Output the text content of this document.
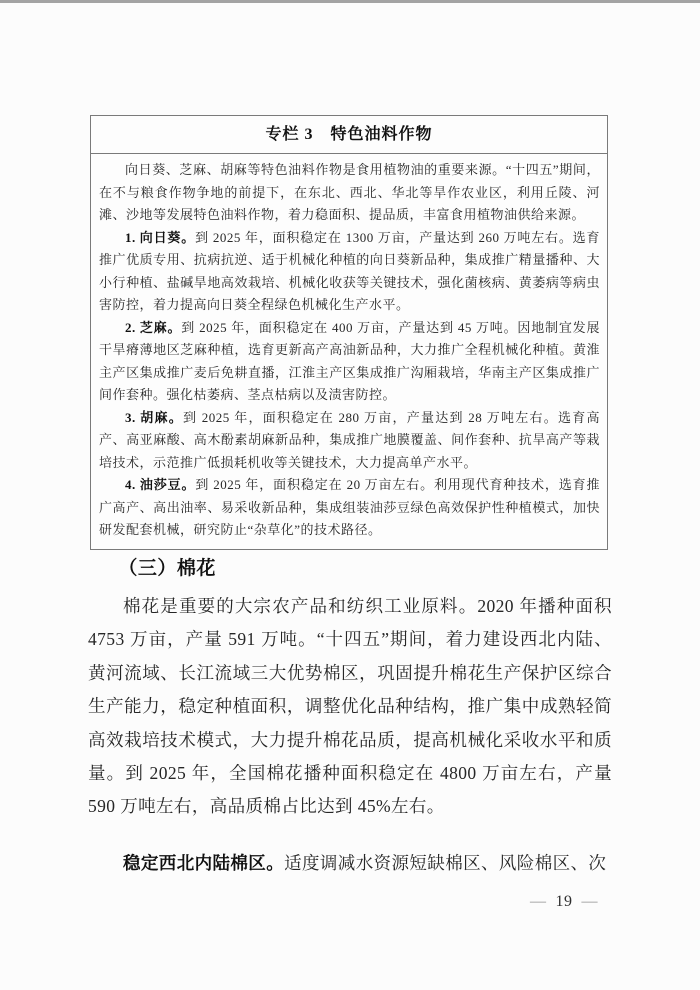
专栏 3　特色油料作物

向日葵、芝麻、胡麻等特色油料作物是食用植物油的重要来源。“十四五”期间，在不与粮食作物争地的前提下，在东北、西北、华北等旱作农业区，利用丘陵、河滩、沙地等发展特色油料作物，着力稳面积、提品质，丰富食用植物油供给来源。

1. 向日葵。到 2025 年，面积稳定在 1300 万亩，产量达到 260 万吨左右。选育推广优质专用、抗病抗逆、适于机械化种植的向日葵新品种，集成推广精量播种、大小行种植、盐碱旱地高效栽培、机械化收获等关键技术，强化菌核病、黄萎病等病虫害防控，着力提高向日葵全程绿色机械化生产水平。

2. 芝麻。到 2025 年，面积稳定在 400 万亩，产量达到 45 万吨。因地制宜发展干旱瘠薄地区芝麻种植，选育更新高产高油新品种，大力推广全程机械化种植。黄淮主产区集成推广麦后免耕直播，江淮主产区集成推广沟厢栽培，华南主产区集成推广间作套种。强化枯萎病、茎点枯病以及渍害防控。

3. 胡麻。到 2025 年，面积稳定在 280 万亩，产量达到 28 万吨左右。选育高产、高亚麻酸、高木酚素胡麻新品种，集成推广地膜覆盖、间作套种、抗旱高产等栽培技术，示范推广低损耗机收等关键技术，大力提高单产水平。

4. 油莎豆。到 2025 年，面积稳定在 20 万亩左右。利用现代育种技术，选育推广高产、高出油率、易采收新品种，集成组装油莎豆绿色高效保护性种植模式，加快研发配套机械，研究防止“杂草化”的技术路径。

（三）棉花

棉花是重要的大宗农产品和纺织工业原料。2020 年播种面积 4753 万亩，产量 591 万吨。“十四五”期间，着力建设西北内陆、黄河流域、长江流域三大优势棉区，巩固提升棉花生产保护区综合生产能力，稳定种植面积，调整优化品种结构，推广集中成熟轻简高效栽培技术模式，大力提升棉花品质，提高机械化采收水平和质量。到 2025 年，全国棉花播种面积稳定在 4800 万亩左右，产量 590 万吨左右，高品质棉占比达到 45%左右。

稳定西北内陆棉区。适度调减水资源短缺棉区、风险棉区、次

— 19 —
